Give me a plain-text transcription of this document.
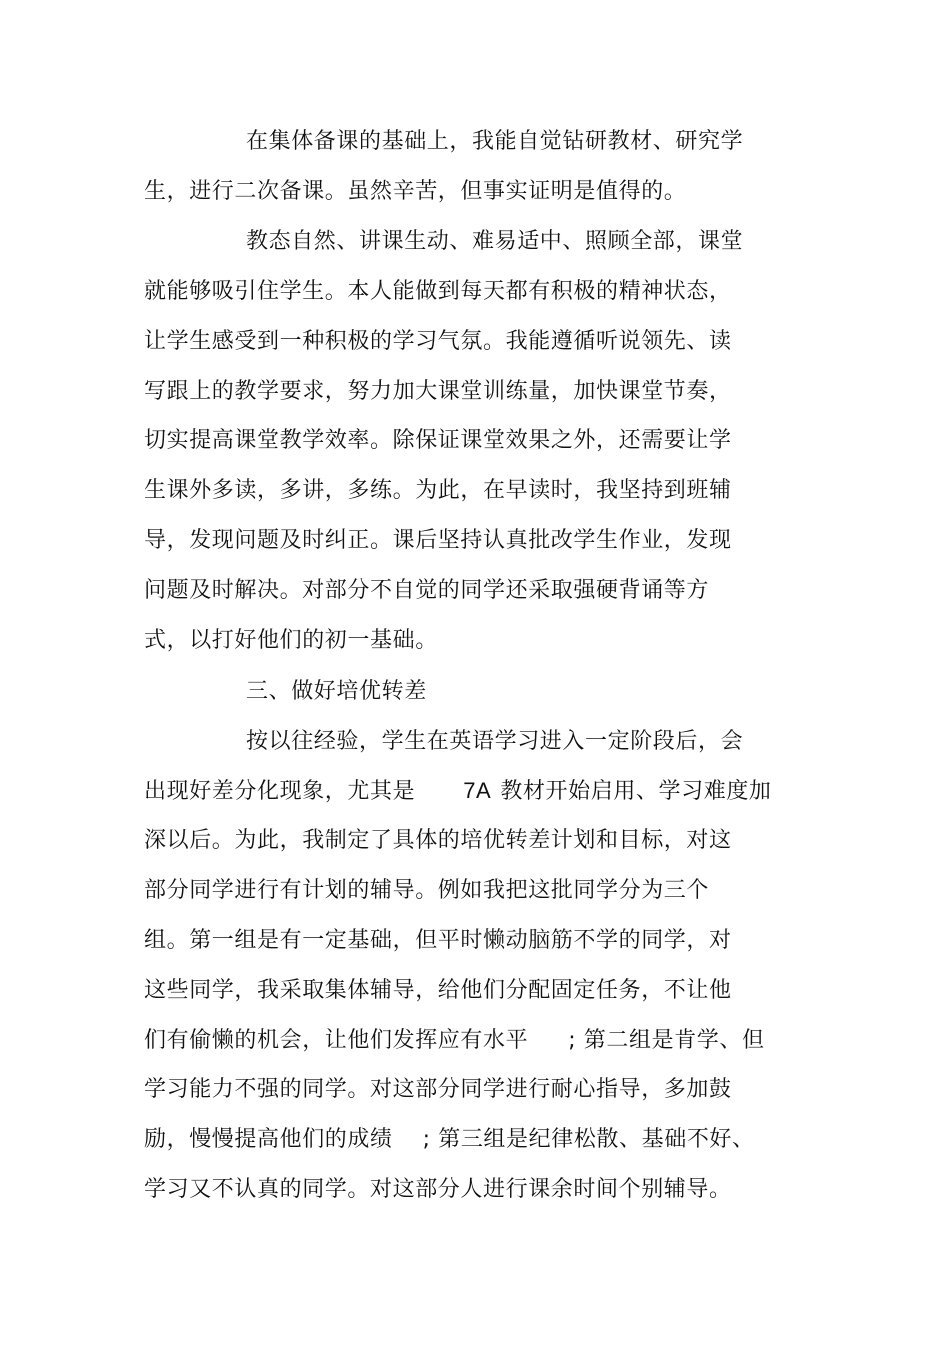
在集体备课的基础上，我能自觉钻研教材、研究学
生，进行二次备课。虽然辛苦，但事实证明是值得的。
教态自然、讲课生动、难易适中、照顾全部，课堂
就能够吸引住学生。本人能做到每天都有积极的精神状态，
让学生感受到一种积极的学习气氛。我能遵循听说领先、读
写跟上的教学要求，努力加大课堂训练量，加快课堂节奏，
切实提高课堂教学效率。除保证课堂效果之外，还需要让学
生课外多读，多讲，多练。为此，在早读时，我坚持到班辅
导，发现问题及时纠正。课后坚持认真批改学生作业，发现
问题及时解决。对部分不自觉的同学还采取强硬背诵等方
式，以打好他们的初一基础。
三、做好培优转差
按以往经验，学生在英语学习进入一定阶段后，会
出现好差分化现象，尤其是 7A 教材开始启用、学习难度加
深以后。为此，我制定了具体的培优转差计划和目标，对这
部分同学进行有计划的辅导。例如我把这批同学分为三个
组。第一组是有一定基础，但平时懒动脑筋不学的同学，对
这些同学，我采取集体辅导，给他们分配固定任务，不让他
们有偷懒的机会，让他们发挥应有水平 ; 第二组是肯学、但
学习能力不强的同学。对这部分同学进行耐心指导，多加鼓
励，慢慢提高他们的成绩 ; 第三组是纪律松散、基础不好、
学习又不认真的同学。对这部分人进行课余时间个别辅导。
